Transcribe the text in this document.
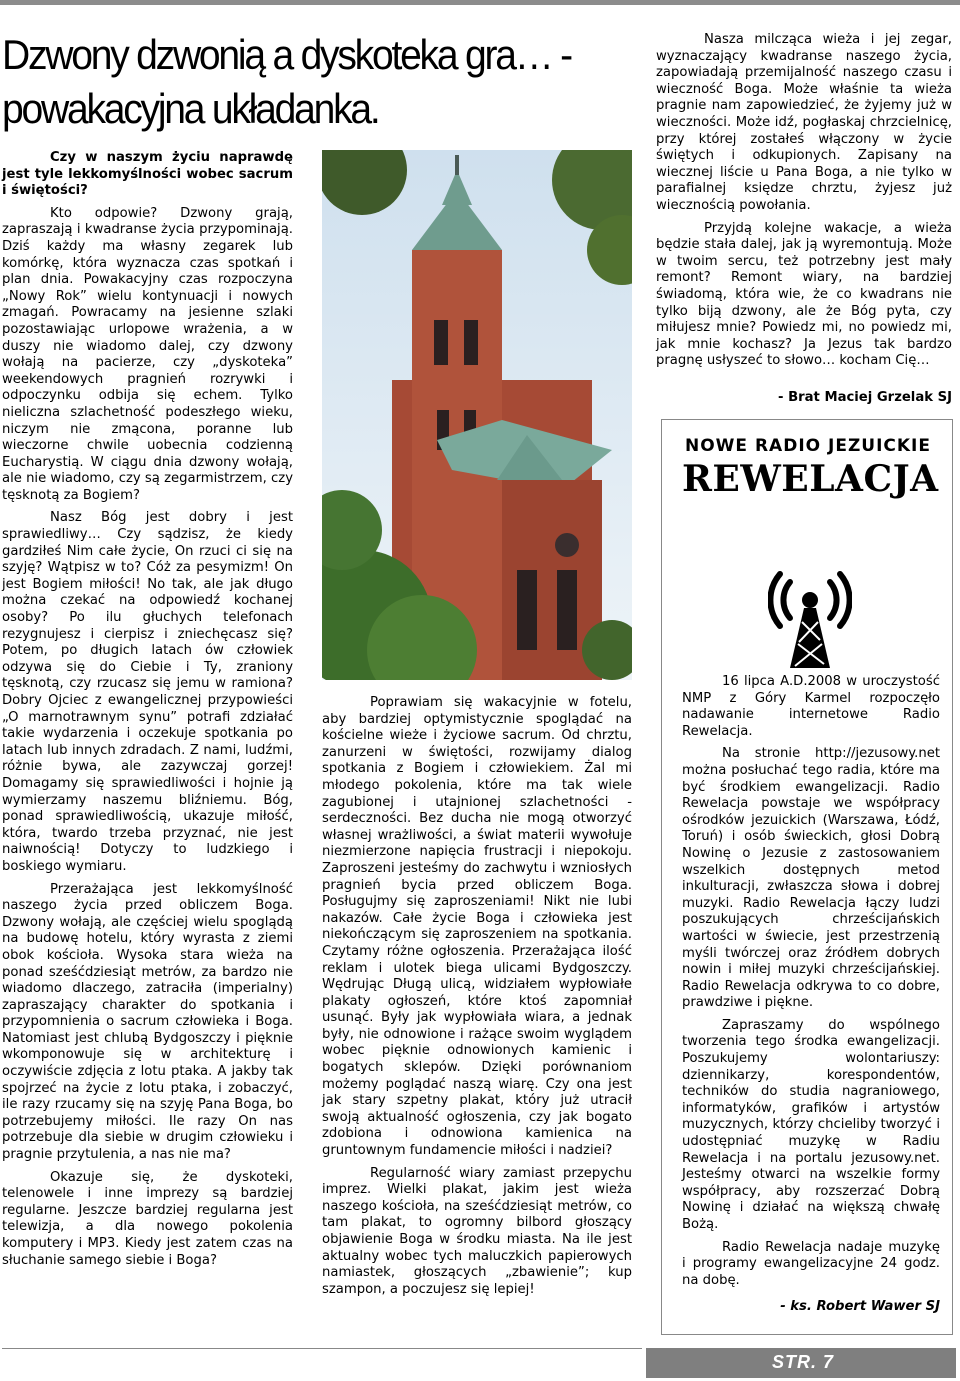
Dzwony dzwonią a dyskoteka gra… - powakacyjna układanka.

Czy w naszym życiu naprawdę jest tyle lekkomyślności wobec sacrum i świętości?

Kto odpowie? Dzwony grają, zapraszają i kwadranse życia przypominają. Dziś każdy ma własny zegarek lub komórkę, która wyznacza czas spotkań i plan dnia. Powakacyjny czas rozpoczyna „Nowy Rok” wielu kontynuacji i nowych zmagań. Powracamy na jesienne szlaki pozostawiając urlopowe wrażenia, a w duszy nie wiadomo dalej, czy dzwony wołają na pacierze, czy „dyskoteka” weekendowych pragnień rozrywki i odpoczynku odbija się echem. Tylko nieliczna szlachetność podeszłego wieku, niczym nie zmącona, poranne lub wieczorne chwile uobecnia codzienną Eucharystią. W ciągu dnia dzwony wołają, ale nie wiadomo, czy są zegarmistrzem, czy tęsknotą za Bogiem?

Nasz Bóg jest dobry i jest sprawiedliwy… Czy sądzisz, że kiedy gardziłeś Nim całe życie, On rzuci ci się na szyję? Wątpisz w to? Cóż za pesymizm! On jest Bogiem miłości! No tak, ale jak długo można czekać na odpowiedź kochanej osoby? Po ilu głuchych telefonach rezygnujesz i cierpisz i zniechęcasz się? Potem, po długich latach ów człowiek odzywa się do Ciebie i Ty, zraniony tęsknotą, czy rzucasz się jemu w ramiona? Dobry Ojciec z ewangelicznej przypowieści „O marnotrawnym synu” potrafi zdziałać takie wydarzenia i oczekuje spotkania po latach lub innych zdradach. Z nami, ludźmi, różnie bywa, ale zazywczaj gorzej! Domagamy się sprawiedliwości i hojnie ją wymierzamy naszemu bliźniemu. Bóg, ponad sprawiedliwością, ukazuje miłość, która, twardo trzeba przyznać, nie jest naiwnością! Dotyczy to ludzkiego i boskiego wymiaru.

Przerażająca jest lekkomyślność naszego życia przed obliczem Boga. Dzwony wołają, ale częściej wielu spoglądą na budowę hotelu, który wyrasta z ziemi obok kościoła. Wysoka stara wieża na ponad sześćdziesiąt metrów, za bardzo nie wiadomo dlaczego, zatraciła (imperialny) zapraszający charakter do spotkania i przypomnienia o sacrum człowieka i Boga. Natomiast jest chlubą Bydgoszczy i pięknie wkomponowuje się w architekturę i oczywiście zdjęcia z lotu ptaka. A jakby tak spojrzeć na życie z lotu ptaka, i zobaczyć, ile razy rzucamy się na szyję Pana Boga, bo potrzebujemy miłości. Ile razy On nas potrzebuje dla siebie w drugim człowieku i pragnie przytulenia, a nas nie ma?

Okazuje się, że dyskoteki, telenowele i inne imprezy są bardziej regularne. Jeszcze bardziej regularna jest telewizja, a dla nowego pokolenia komputery i MP3. Kiedy jest zatem czas na słuchanie samego siebie i Boga?

Poprawiam się wakacyjnie w fotelu, aby bardziej optymistycznie spoglądać na kościelne wieże i życiowe sacrum. Od chrztu, zanurzeni w świętości, rozwijamy dialog spotkania z Bogiem i człowiekiem. Żal mi młodego pokolenia, które ma tak wiele zagubionej i utajnionej szlachetności - serdeczności. Bez ducha nie mogą otworzyć własnej wrażliwości, a świat materii wywołuje niezmierzone napięcia frustracji i niepokoju. Zaproszeni jesteśmy do zachwytu i wzniosłych pragnień bycia przed obliczem Boga. Posługujmy się zaproszeniami! Nikt nie lubi nakazów. Całe życie Boga i człowieka jest niekończącym się zaproszeniem na spotkania. Czytamy różne ogłoszenia. Przerażająca ilość reklam i ulotek biega ulicami Bydgoszczy. Wędrując Długą ulicą, widziałem wypłowiałe plakaty ogłoszeń, które ktoś zapomniał usunąć. Były jak wypłowiała wiara, a jednak były, nie odnowione i rażące swoim wyglądem wobec pięknie odnowionych kamienic i bogatych sklepów. Dzięki porównaniom możemy poglądać naszą wiarę. Czy ona jest jak stary szpetny plakat, który już utracił swoją aktualność ogłoszenia, czy jak bogato zdobiona i odnowiona kamienica na gruntownym fundamencie miłości i nadziei?

Regularność wiary zamiast przepychu imprez. Wielki plakat, jakim jest wieża naszego kościoła, na sześćdziesiąt metrów, co tam plakat, to ogromny bilbord głoszący objawienie Boga w środku miasta. Na ile jest aktualny wobec tych maluczkich papierowych namiastek, głoszących „zbawienie”; kup szampon, a poczujesz się lepiej!

Nasza milcząca wieża i jej zegar, wyznaczający kwadranse naszego życia, zapowiadają przemijalność naszego czasu i wieczność Boga. Może właśnie ta wieża pragnie nam zapowiedzieć, że żyjemy już w wieczności. Może idź, pogłaskaj chrzcielnicę, przy której zostałeś włączony w życie świętych i odkupionych. Zapisany na wiecznej liście u Pana Boga, a nie tylko w parafialnej księdze chrztu, żyjesz już wiecznością powołania.

Przyjdą kolejne wakacje, a wieża będzie stała dalej, jak ją wyremontują. Może w twoim sercu, też potrzebny jest mały remont? Remont wiary, na bardziej świadomą, która wie, że co kwadrans nie tylko biją dzwony, ale że Bóg pyta, czy miłujesz mnie? Powiedz mi, no powiedz mi, jak mnie kochasz? Ja Jezus tak bardzo pragnę usłyszeć to słowo… kocham Cię…

- Brat Maciej Grzelak SJ

NOWE RADIO JEZUICKIE
REWELACJA

16 lipca A.D.2008 w uroczystość NMP z Góry Karmel rozpoczęło nadawanie internetowe Radio Rewelacja.

Na stronie http://jezusowy.net można posłuchać tego radia, które ma być środkiem ewangelizacji. Radio Rewelacja powstaje we współpracy ośrodków jezuickich (Warszawa, Łódź, Toruń) i osób świeckich, głosi Dobrą Nowinę o Jezusie z zastosowaniem wszelkich dostępnych metod inkulturacji, zwłaszcza słowa i dobrej muzyki. Radio Rewelacja łączy ludzi poszukujących chrześcijańskich wartości w świecie, jest przestrzenią myśli twórczej oraz źródłem dobrych nowin i miłej muzyki chrześcijańskiej. Radio Rewelacja odkrywa to co dobre, prawdziwe i piękne.

Zapraszamy do wspólnego tworzenia tego środka ewangelizacji. Poszukujemy wolontariuszy: dziennikarzy, korespondentów, techników do studia nagraniowego, informatyków, grafików i artystów muzycznych, którzy chcieliby tworzyć i udostępniać muzykę w Radiu Rewelacja i na portalu jezusowy.net. Jesteśmy otwarci na wszelkie formy współpracy, aby rozszerzać Dobrą Nowinę i działać na większą chwałę Bożą.

Radio Rewelacja nadaje muzykę i programy ewangelizacyjne 24 godz. na dobę.

- ks. Robert Wawer SJ

STR. 7
